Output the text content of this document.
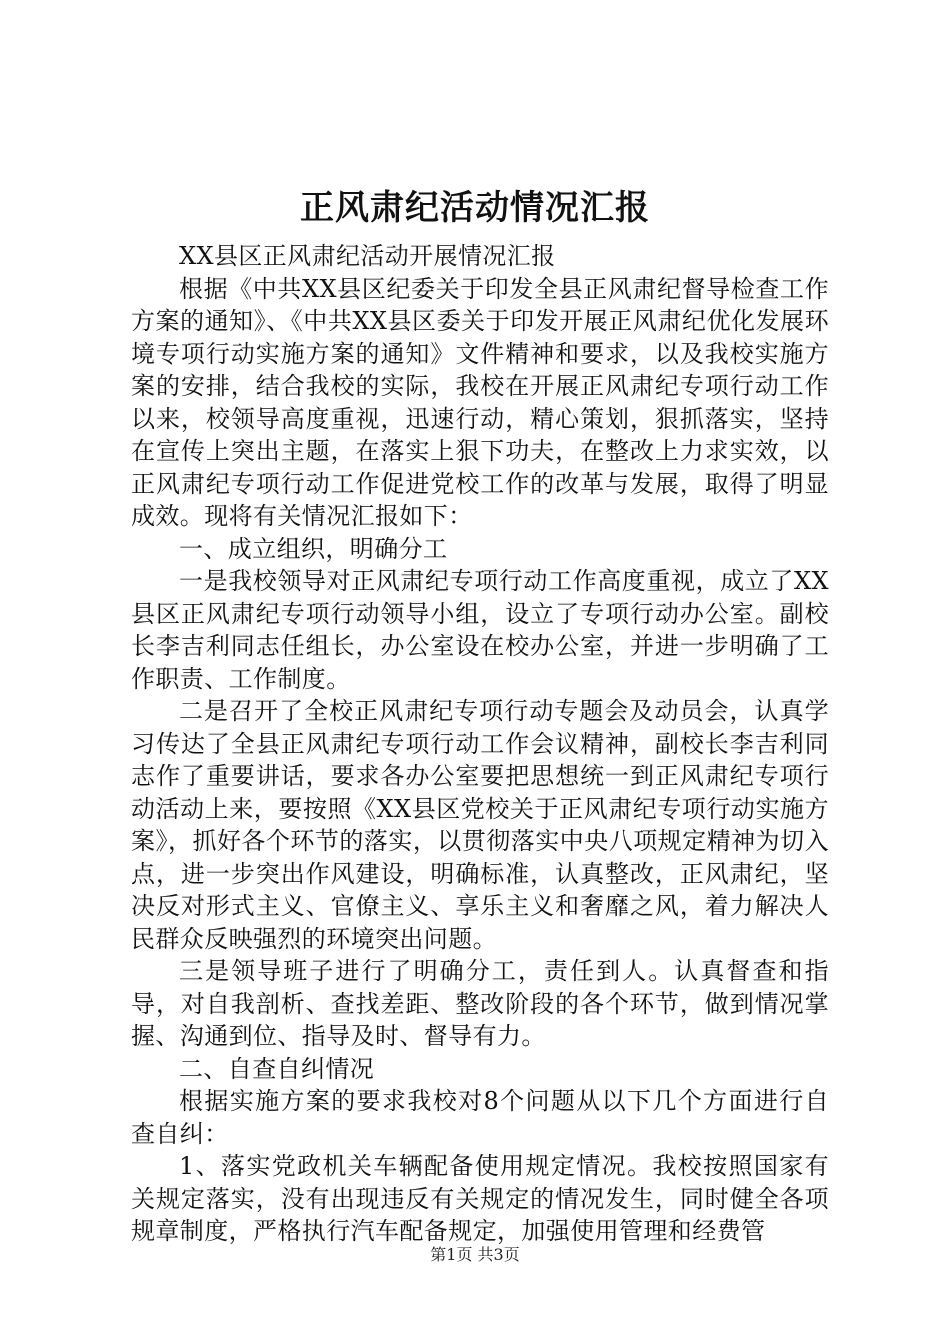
正风肃纪活动情况汇报

XX县区正风肃纪活动开展情况汇报

根据《中共XX县区纪委关于印发全县正风肃纪督导检查工作方案的通知》、《中共XX县区委关于印发开展正风肃纪优化发展环境专项行动实施方案的通知》文件精神和要求，以及我校实施方案的安排，结合我校的实际，我校在开展正风肃纪专项行动工作以来，校领导高度重视，迅速行动，精心策划，狠抓落实，坚持在宣传上突出主题，在落实上狠下功夫，在整改上力求实效，以正风肃纪专项行动工作促进党校工作的改革与发展，取得了明显成效。现将有关情况汇报如下：

一、成立组织，明确分工

一是我校领导对正风肃纪专项行动工作高度重视，成立了XX县区正风肃纪专项行动领导小组，设立了专项行动办公室。副校长李吉利同志任组长，办公室设在校办公室，并进一步明确了工作职责、工作制度。

二是召开了全校正风肃纪专项行动专题会及动员会，认真学习传达了全县正风肃纪专项行动工作会议精神，副校长李吉利同志作了重要讲话，要求各办公室要把思想统一到正风肃纪专项行动活动上来，要按照《XX县区党校关于正风肃纪专项行动实施方案》，抓好各个环节的落实，以贯彻落实中央八项规定精神为切入点，进一步突出作风建设，明确标准，认真整改，正风肃纪，坚决反对形式主义、官僚主义、享乐主义和奢靡之风，着力解决人民群众反映强烈的环境突出问题。

三是领导班子进行了明确分工，责任到人。认真督查和指导，对自我剖析、查找差距、整改阶段的各个环节，做到情况掌握、沟通到位、指导及时、督导有力。

二、自查自纠情况

根据实施方案的要求我校对8个问题从以下几个方面进行自查自纠：

1、落实党政机关车辆配备使用规定情况。我校按照国家有关规定落实，没有出现违反有关规定的情况发生，同时健全各项规章制度，严格执行汽车配备规定，加强使用管理和经费管

第1页 共3页
